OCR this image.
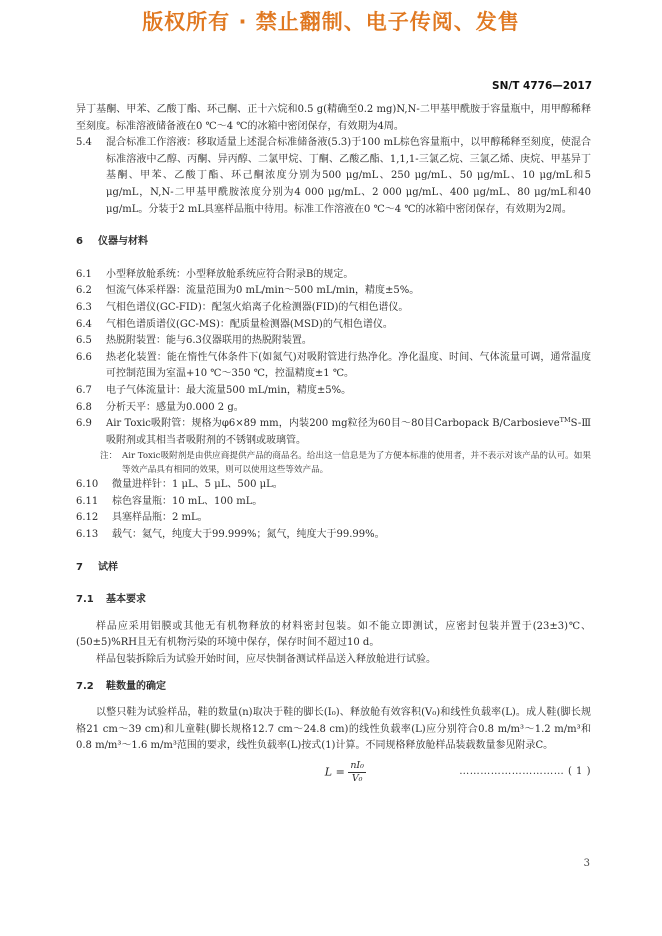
版权所有 · 禁止翻制、电子传阅、发售
SN/T 4776—2017

异丁基酮、甲苯、乙酸丁酯、环己酮、正十六烷和0.5 g(精确至0.2 mg)N,N-二甲基甲酰胺于容量瓶中，用甲醇稀释至刻度。标准溶液储备液在0 ℃～4 ℃的冰箱中密闭保存，有效期为4周。

5.4	混合标准工作溶液：移取适量上述混合标准储备液(5.3)于100 mL棕色容量瓶中，以甲醇稀释至刻度，使混合标准溶液中乙醇、丙酮、异丙醇、二氯甲烷、丁酮、乙酸乙酯、1,1,1-三氯乙烷、三氯乙烯、庚烷、甲基异丁基酮、甲苯、乙酸丁酯、环己酮浓度分别为500 μg/mL、250 μg/mL、50 μg/mL、10 μg/mL和5 μg/mL，N,N-二甲基甲酰胺浓度分别为4 000 μg/mL、2 000 μg/mL、400 μg/mL、80 μg/mL和40 μg/mL。分装于2 mL具塞样品瓶中待用。标准工作溶液在0 ℃～4 ℃的冰箱中密闭保存，有效期为2周。
6	仪器与材料
6.1	小型释放舱系统：小型释放舱系统应符合附录B的规定。
6.2	恒流气体采样器：流量范围为0 mL/min～500 mL/min，精度±5%。
6.3	气相色谱仪(GC-FID)：配氢火焰离子化检测器(FID)的气相色谱仪。
6.4	气相色谱质谱仪(GC-MS)：配质量检测器(MSD)的气相色谱仪。
6.5	热脱附装置：能与6.3仪器联用的热脱附装置。
6.6	热老化装置：能在惰性气体条件下(如氮气)对吸附管进行热净化。净化温度、时间、气体流量可调，通常温度可控制范围为室温+10 ℃～350 ℃，控温精度±1 ℃。
6.7	电子气体流量计：最大流量500 mL/min，精度±5%。
6.8	分析天平：感量为0.000 2 g。
6.9	Air Toxic吸附管：规格为φ6×89 mm，内装200 mg粒径为60目～80目Carbopack B/Carbosieve™S-Ⅲ吸附剂或其相当者吸附剂的不锈钢或玻璃管。
注： Air Toxic吸附剂是由供应商提供产品的商品名。给出这一信息是为了方便本标准的使用者，并不表示对该产品的认可。如果等效产品具有相同的效果，则可以使用这些等效产品。
6.10	微量进样针：1 μL、5 μL、500 μL。
6.11	棕色容量瓶：10 mL、100 mL。
6.12	具塞样品瓶：2 mL。
6.13	载气：氦气，纯度大于99.999%；氮气，纯度大于99.99%。
7	试样
7.1	基本要求

样品应采用铝膜或其他无有机物释放的材料密封包装。如不能立即测试，应密封包装并置于(23±3)℃、(50±5)%RH且无有机物污染的环境中保存，保存时间不超过10 d。

样品包装拆除后为试验开始时间，应尽快制备测试样品送入释放舱进行试验。

7.2	鞋数量的确定

以整只鞋为试验样品，鞋的数量(n)取决于鞋的脚长(I₀)、释放舱有效容积(V₀)和线性负载率(L)。成人鞋(脚长规格21 cm～39 cm)和儿童鞋(脚长规格12.7 cm～24.8 cm)的线性负载率(L)应分别符合0.8 m/m³～1.2 m/m³和0.8 m/m³～1.6 m/m³范围的要求，线性负载率(L)按式(1)计算。不同规格释放舱样品装载数量参见附录C。

$L = \frac{\text{nI₀}}{\text{V₀}}$	………………………… ( 1 )
3
